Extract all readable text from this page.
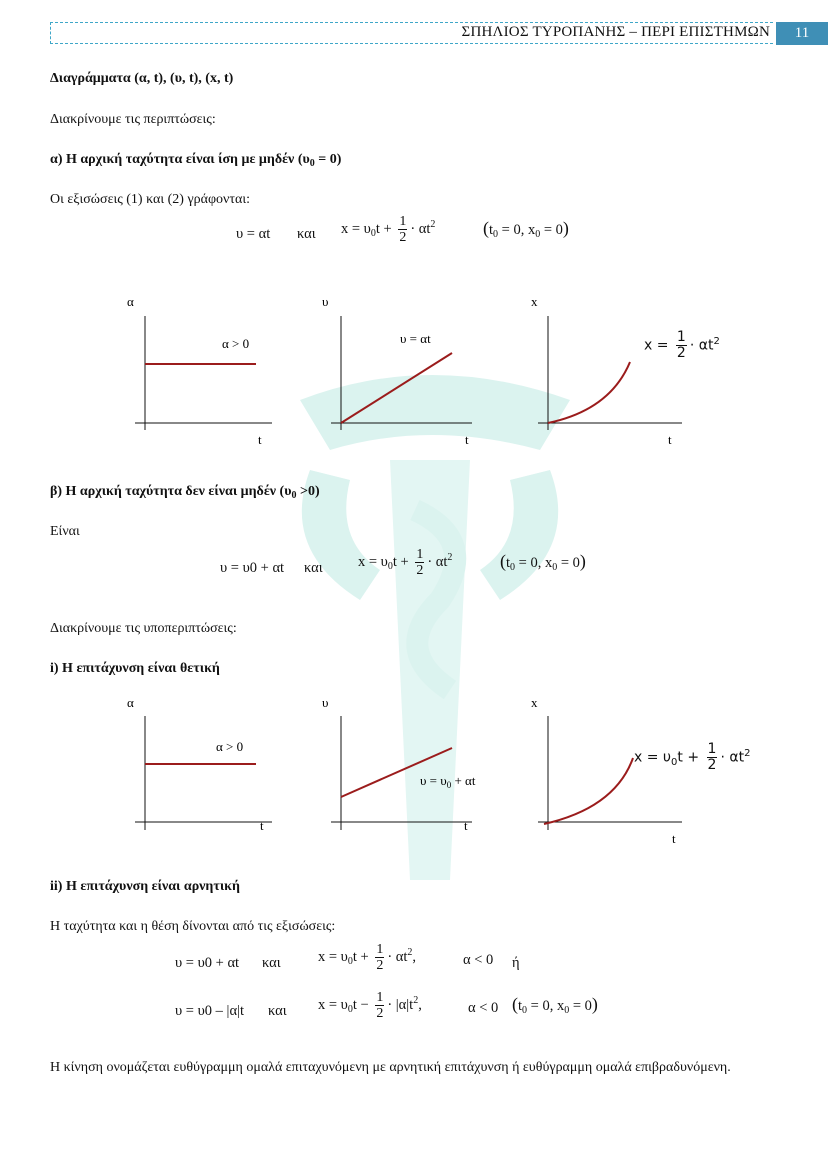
ΣΠΗΛΙΟΣ ΤΥΡΟΠΑΝΗΣ – ΠΕΡΙ ΕΠΙΣΤΗΜΩΝ	11
Διαγράμματα (α, t), (υ, t), (x, t)
Διακρίνουμε τις περιπτώσεις:
α) Η αρχική ταχύτητα είναι ίση με μηδέν $(\upsilon_0 = 0)$
Οι εξισώσεις (1) και (2) γράφονται:
υ = αt και $x = \upsilon_0t + \frac{1}{2} \cdot \alpha t^2$	($t_0 = 0$, $x_0 = 0$)
α
α > 0
t
υ
υ = αt
t
x
t
$x = \frac{1}{2} \cdot \alpha t^2$
β) Η αρχική ταχύτητα δεν είναι μηδέν $(\upsilon_0 >0)$
Είναι
υ = υ0 + αt και $x = \upsilon_0t + \frac{1}{2} \cdot \alpha t^2$	($t_0 = 0$, $x_0 = 0$)
Διακρίνουμε τις υποπεριπτώσεις:
i) Η επιτάχυνση είναι θετική
α
α > 0
t
υ
$\upsilon = \upsilon_0 + \alpha t$
t
x
t
$x = \upsilon_0t + \frac{1}{2} \cdot \alpha t^2$
ii) Η επιτάχυνση είναι αρνητική
Η ταχύτητα και η θέση δίνονται από τις εξισώσεις:
υ = υ0 + αt και	$x = \upsilon_0t + \frac{1}{2} \cdot \alpha t^2$,	α < 0 ή
υ = υ0 – |α|t και $x = \upsilon_0t - \frac{1}{2} \cdot |\alpha|t^2$,	α < 0 ($t_0 = 0$, $x_0 = 0$)
Η κίνηση ονομάζεται ευθύγραμμη ομαλά επιταχυνόμενη με αρνητική επιτάχυνση ή ευθύγραμμη ομαλά επιβραδυνόμενη.
